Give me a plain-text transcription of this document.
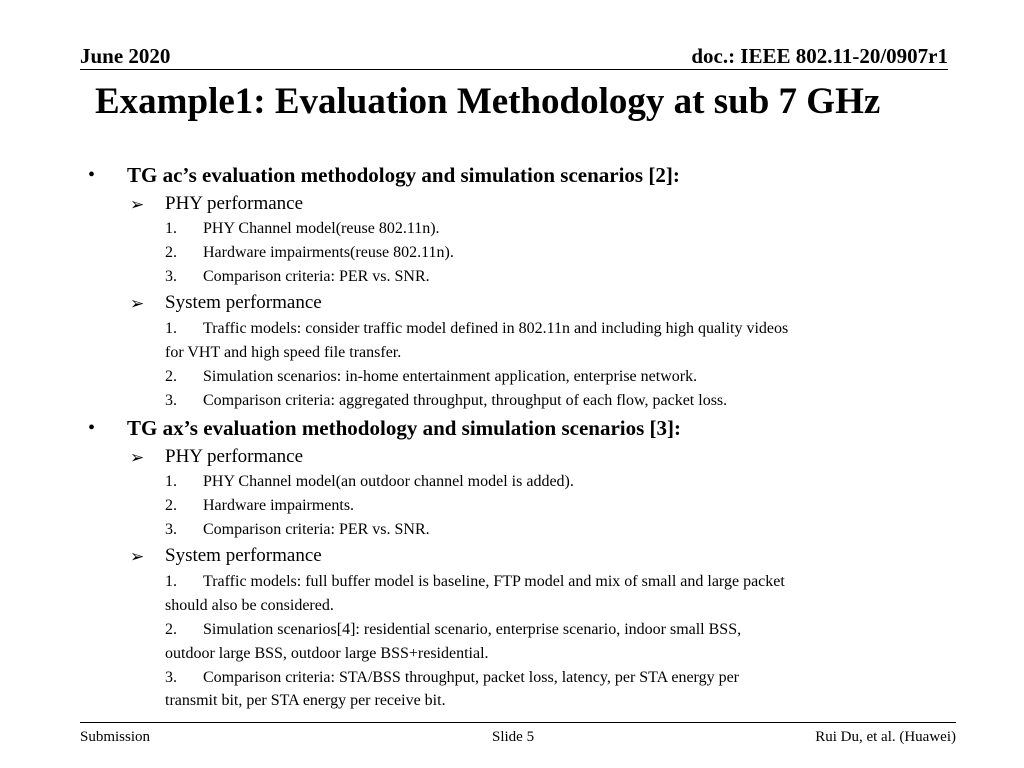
June 2020	doc.: IEEE 802.11-20/0907r1
Example1: Evaluation Methodology at sub 7 GHz
• TG ac’s evaluation methodology and simulation scenarios [2]:
➢ PHY performance
1. PHY Channel model(reuse 802.11n).
2. Hardware impairments(reuse 802.11n).
3. Comparison criteria: PER vs. SNR.
➢ System performance
1. Traffic models: consider traffic model defined in 802.11n and including high quality videos
for VHT and high speed file transfer.
2. Simulation scenarios: in-home entertainment application, enterprise network.
3. Comparison criteria: aggregated throughput, throughput of each flow, packet loss.
• TG ax’s evaluation methodology and simulation scenarios [3]:
➢ PHY performance
1. PHY Channel model(an outdoor channel model is added).
2. Hardware impairments.
3. Comparison criteria: PER vs. SNR.
➢ System performance
1. Traffic models: full buffer model is baseline, FTP model and mix of small and large packet
should also be considered.
2. Simulation scenarios[4]: residential scenario, enterprise scenario, indoor small BSS,
outdoor large BSS, outdoor large BSS+residential.
3. Comparison criteria: STA/BSS throughput, packet loss, latency, per STA energy per
transmit bit, per STA energy per receive bit.
Submission	Slide 5	Rui Du, et al. (Huawei)
